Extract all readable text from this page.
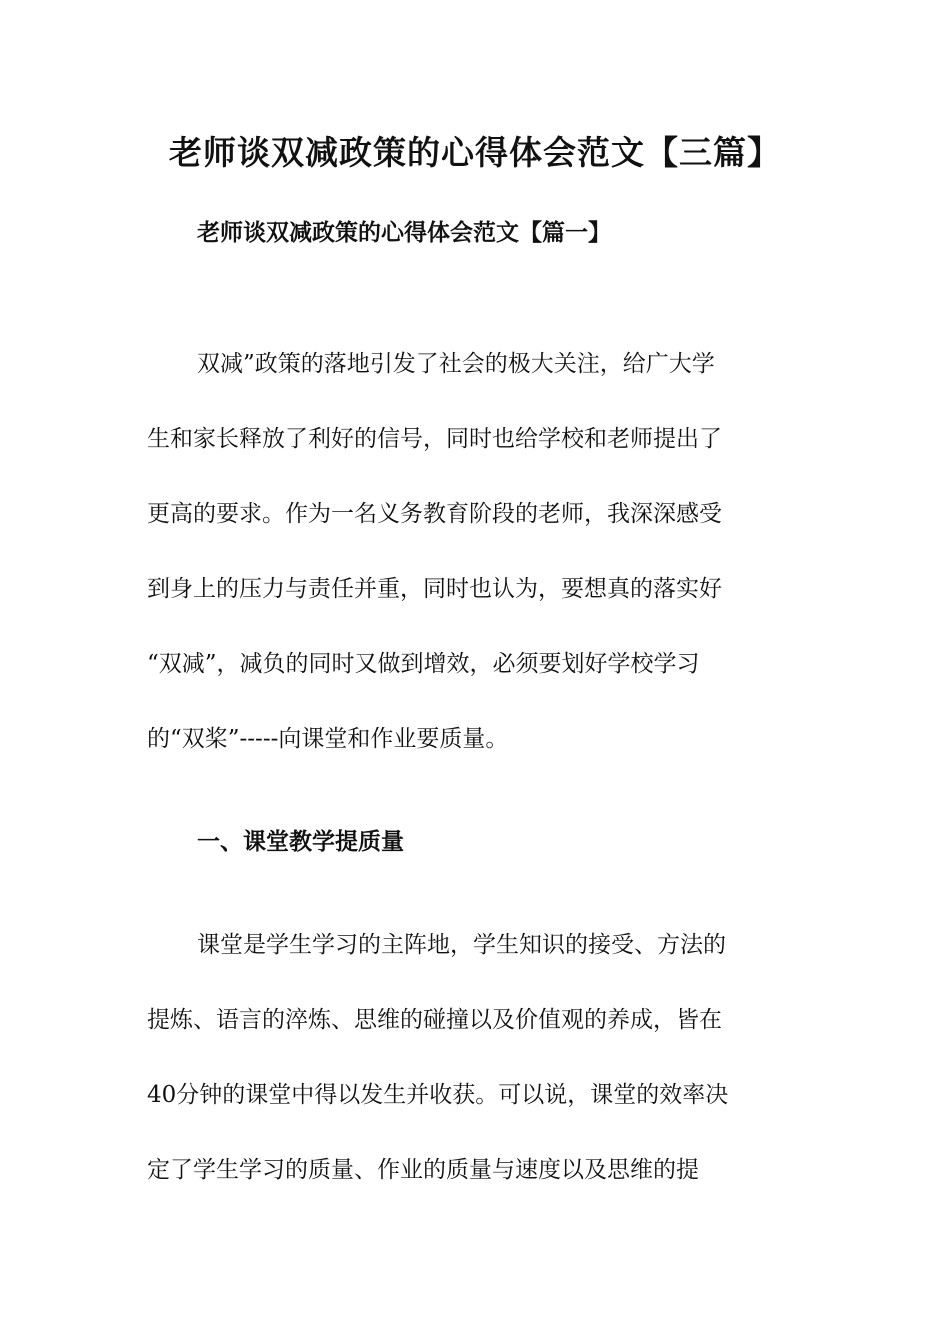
老师谈双减政策的心得体会范文【三篇】
老师谈双减政策的心得体会范文【篇一】
双减”政策的落地引发了社会的极大关注，给广大学
生和家长释放了利好的信号，同时也给学校和老师提出了
更高的要求。作为一名义务教育阶段的老师，我深深感受
到身上的压力与责任并重，同时也认为，要想真的落实好
“双减”，减负的同时又做到增效，必须要划好学校学习
的“双桨”-----向课堂和作业要质量。
一、课堂教学提质量
课堂是学生学习的主阵地，学生知识的接受、方法的
提炼、语言的淬炼、思维的碰撞以及价值观的养成，皆在
40分钟的课堂中得以发生并收获。可以说，课堂的效率决
定了学生学习的质量、作业的质量与速度以及思维的提
